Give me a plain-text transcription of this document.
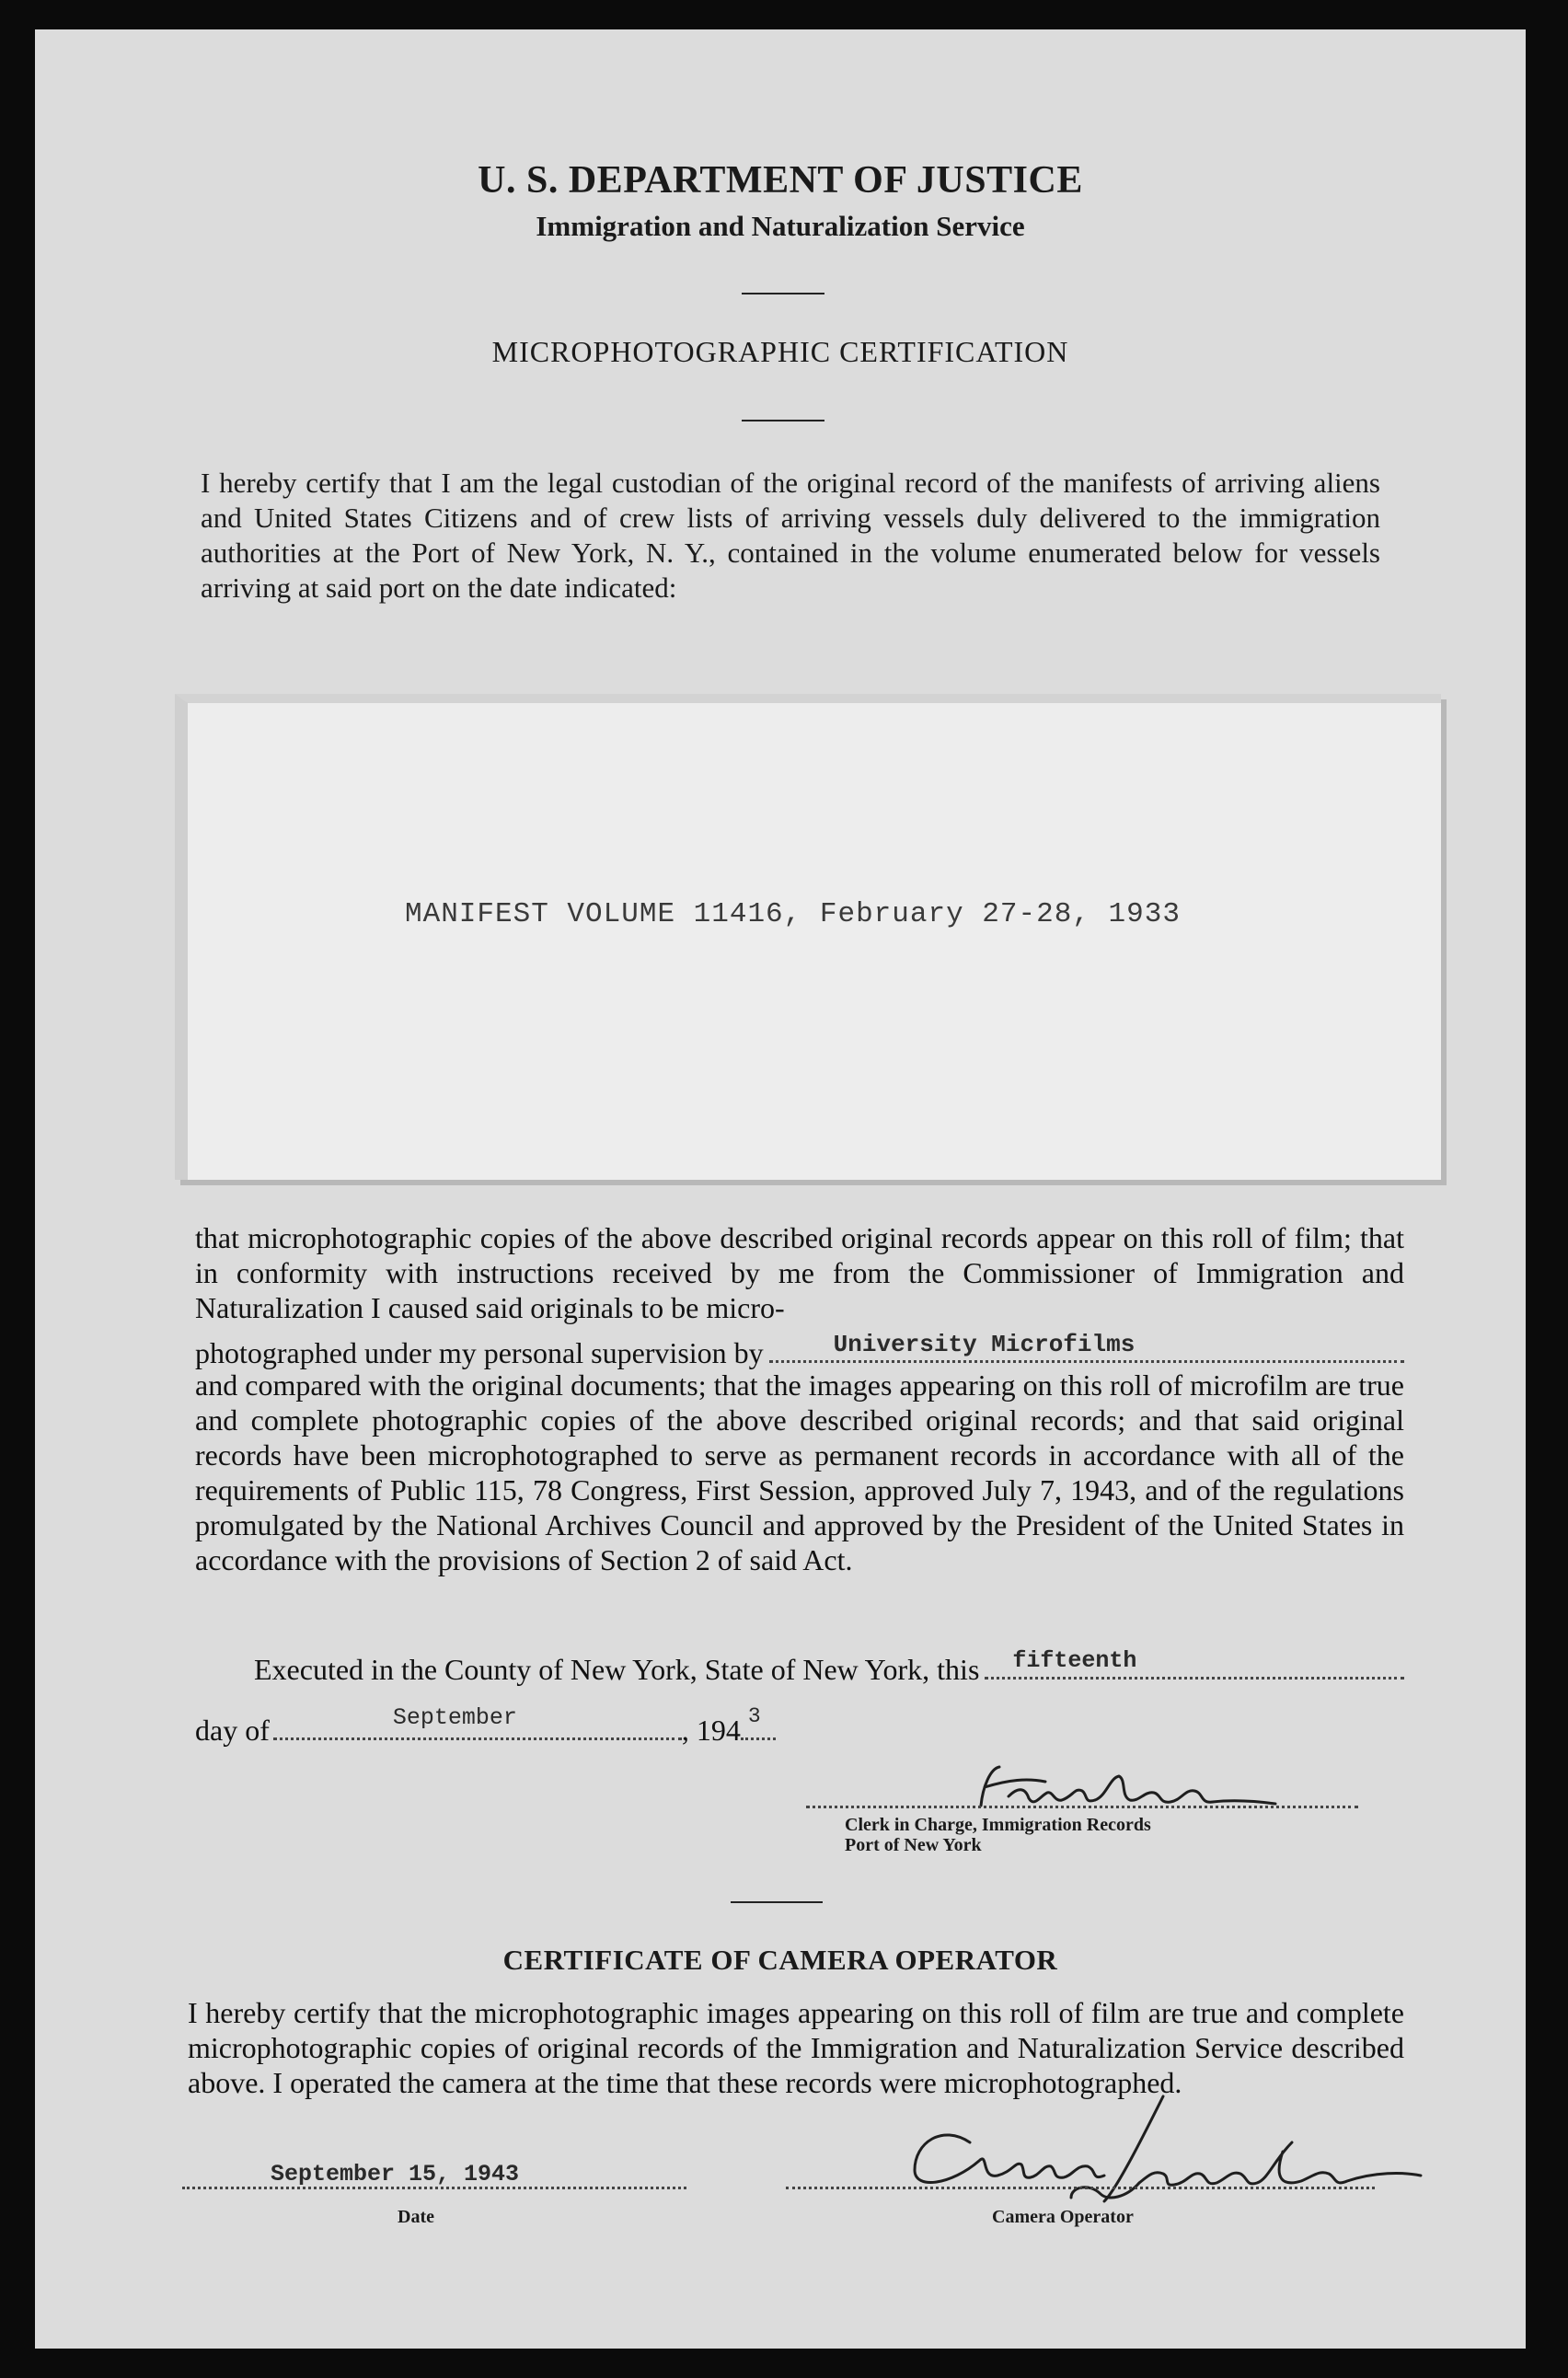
U. S. DEPARTMENT OF JUSTICE
Immigration and Naturalization Service
MICROPHOTOGRAPHIC CERTIFICATION
I hereby certify that I am the legal custodian of the original record of the manifests of arriving aliens and United States Citizens and of crew lists of arriving vessels duly delivered to the immigration authorities at the Port of New York, N. Y., contained in the volume enumerated below for vessels arriving at said port on the date indicated:
MANIFEST VOLUME 11416, February 27-28, 1933
that microphotographic copies of the above described original records appear on this roll of film; that in conformity with instructions received by me from the Commissioner of Immigration and Naturalization I caused said originals to be micro-
photographed under my personal supervision by	University Microfilms
and compared with the original documents; that the images appearing on this roll of microfilm are true and complete photographic copies of the above described original records; and that said original records have been microphotographed to serve as permanent records in accordance with all of the requirements of Public 115, 78 Congress, First Session, approved July 7, 1943, and of the regulations promulgated by the National Archives Council and approved by the President of the United States in accordance with the provisions of Section 2 of said Act.
Executed in the County of New York, State of New York, this fifteenth
day of	September	, 194 3
Clerk in Charge, Immigration Records
Port of New York
CERTIFICATE OF CAMERA OPERATOR
I hereby certify that the microphotographic images appearing on this roll of film are true and complete microphotographic copies of original records of the Immigration and Naturalization Service described above. I operated the camera at the time that these records were microphotographed.
September 15, 1943
Date	Camera Operator
